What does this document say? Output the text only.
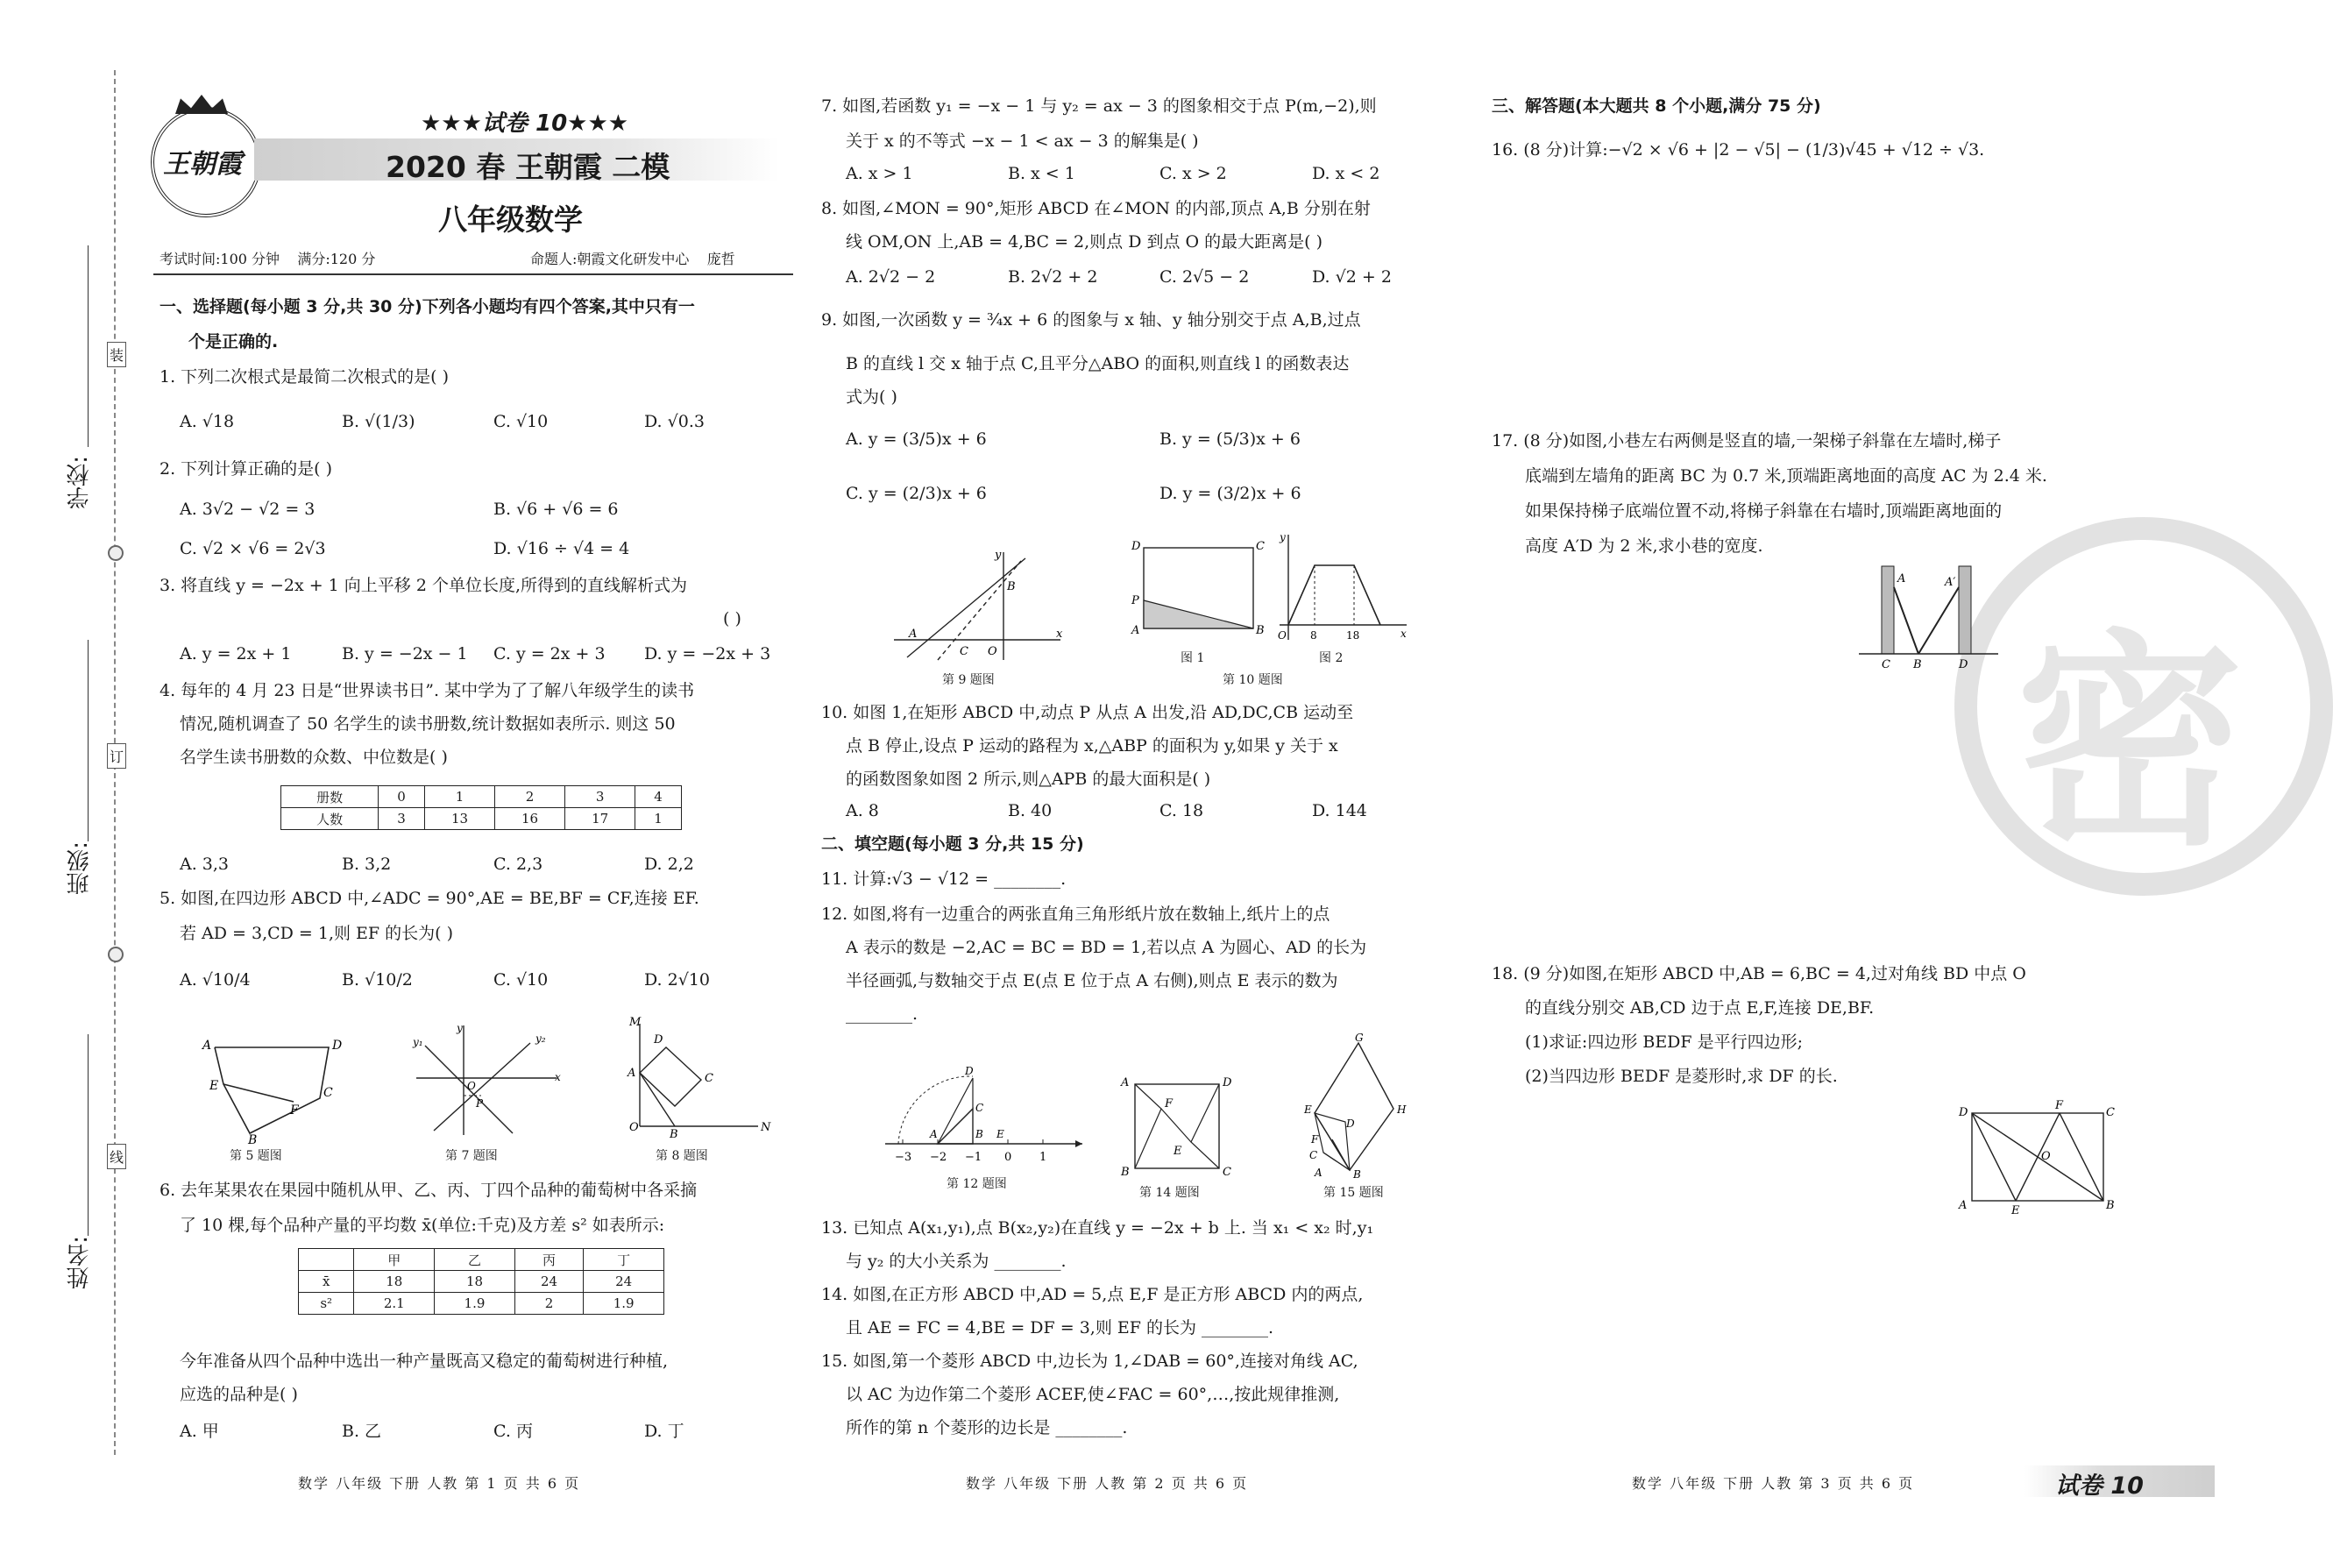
学校:
班级:
姓名:
装
订
线
王朝霞
★★★试卷 10★★★
2020 春 王朝霞 二模
八年级数学
考试时间:100 分钟    满分:120 分	命题人:朝霞文化研发中心    庞哲
一、选择题(每小题 3 分,共 30 分)下列各小题均有四个答案,其中只有一
个是正确的.
1. 下列二次根式是最简二次根式的是( )
A. √18	B. √(1/3)	C. √10	D. √0.3
2. 下列计算正确的是( )
A. 3√2 − √2 = 3	B. √6 + √6 = 6
C. √2 × √6 = 2√3	D. √16 ÷ √4 = 4
3. 将直线 y = −2x + 1 向上平移 2 个单位长度,所得到的直线解析式为
( )
A. y = 2x + 1	B. y = −2x − 1 C. y = 2x + 3 D. y = −2x + 3
4. 每年的 4 月 23 日是“世界读书日”. 某中学为了了解八年级学生的读书
情况,随机调查了 50 名学生的读书册数,统计数据如表所示. 则这 50
名学生读书册数的众数、中位数是( )
册数	0	1	2	3	4
人数	3	13	16	17	1
A. 3,3	B. 3,2	C. 2,3	D. 2,2
5. 如图,在四边形 ABCD 中,∠ADC = 90°,AE = BE,BF = CF,连接 EF.
若 AD = 3,CD = 1,则 EF 的长为( )
A. √10/4	B. √10/2	C. √10	D. 2√10
A	D
C
E
F
B
第 5 题图
y₁	y₂
x
y
O
P
第 7 题图
M
A
D
C
O
B
N
第 8 题图
6. 去年某果农在果园中随机从甲、乙、丙、丁四个品种的葡萄树中各采摘
了 10 棵,每个品种产量的平均数 x̄(单位:千克)及方差 s² 如表所示:
	甲	乙	丙	丁
x̄	18	18	24	24
s²	2.1	1.9	2	1.9
今年准备从四个品种中选出一种产量既高又稳定的葡萄树进行种植,
应选的品种是( )
A. 甲	B. 乙	C. 丙	D. 丁
7. 如图,若函数 y₁ = −x − 1 与 y₂ = ax − 3 的图象相交于点 P(m,−2),则
关于 x 的不等式 −x − 1 < ax − 3 的解集是( )
A. x > 1	B. x < 1	C. x > 2	D. x < 2
8. 如图,∠MON = 90°,矩形 ABCD 在∠MON 的内部,顶点 A,B 分别在射
线 OM,ON 上,AB = 4,BC = 2,则点 D 到点 O 的最大距离是( )
A. 2√2 − 2	B. 2√2 + 2	C. 2√5 − 2	D. √2 + 2
9. 如图,一次函数 y = ¾x + 6 的图象与 x 轴、y 轴分别交于点 A,B,过点
B 的直线 l 交 x 轴于点 C,且平分△ABO 的面积,则直线 l 的函数表达
式为( )
A. y = (3/5)x + 6	B. y = (5/3)x + 6
C. y = (2/3)x + 6	D. y = (3/2)x + 6
y
B
A
C O
x
第 9 题图
D	C
P
A	B
图 1
y
O 8	18	x
图 2
第 10 题图
10. 如图 1,在矩形 ABCD 中,动点 P 从点 A 出发,沿 AD,DC,CB 运动至
点 B 停止,设点 P 运动的路程为 x,△ABP 的面积为 y,如果 y 关于 x
的函数图象如图 2 所示,则△APB 的最大面积是( )
A. 8	B. 40	C. 18	D. 144
二、填空题(每小题 3 分,共 15 分)
11. 计算:√3 − √12 = ________.
12. 如图,将有一边重合的两张直角三角形纸片放在数轴上,纸片上的点
A 表示的数是 −2,AC = BC = BD = 1,若以点 A 为圆心、AD 的长为
半径画弧,与数轴交于点 E(点 E 位于点 A 右侧),则点 E 表示的数为
________.
A
C
D
B E
−3 −2 −1 0 1
第 12 题图
A	D
B	C
F
E
第 14 题图
G
H
E
D
F
C
A	B
第 15 题图
13. 已知点 A(x₁,y₁),点 B(x₂,y₂)在直线 y = −2x + b 上. 当 x₁ < x₂ 时,y₁
与 y₂ 的大小关系为 ________.
14. 如图,在正方形 ABCD 中,AD = 5,点 E,F 是正方形 ABCD 内的两点,
且 AE = FC = 4,BE = DF = 3,则 EF 的长为 ________.
15. 如图,第一个菱形 ABCD 中,边长为 1,∠DAB = 60°,连接对角线 AC,
以 AC 为边作第二个菱形 ACEF,使∠FAC = 60°,…,按此规律推测,
所作的第 n 个菱形的边长是 ________.
密
三、解答题(本大题共 8 个小题,满分 75 分)
16. (8 分)计算:−√2 × √6 + |2 − √5| − (1/3)√45 + √12 ÷ √3.
17. (8 分)如图,小巷左右两侧是竖直的墙,一架梯子斜靠在左墙时,梯子
底端到左墙角的距离 BC 为 0.7 米,顶端距离地面的高度 AC 为 2.4 米.
如果保持梯子底端位置不动,将梯子斜靠在右墙时,顶端距离地面的
高度 A′D 为 2 米,求小巷的宽度.
A	A′
C B	D
18. (9 分)如图,在矩形 ABCD 中,AB = 6,BC = 4,过对角线 BD 中点 O
的直线分别交 AB,CD 边于点 E,F,连接 DE,BF.
(1)求证:四边形 BEDF 是平行四边形;
(2)当四边形 BEDF 是菱形时,求 DF 的长.
D	C
F
O
A	E	B
数学 八年级 下册 人教 第 1 页 共 6 页	数学 八年级 下册 人教 第 2 页 共 6 页	数学 八年级 下册 人教 第 3 页 共 6 页	试卷 10
